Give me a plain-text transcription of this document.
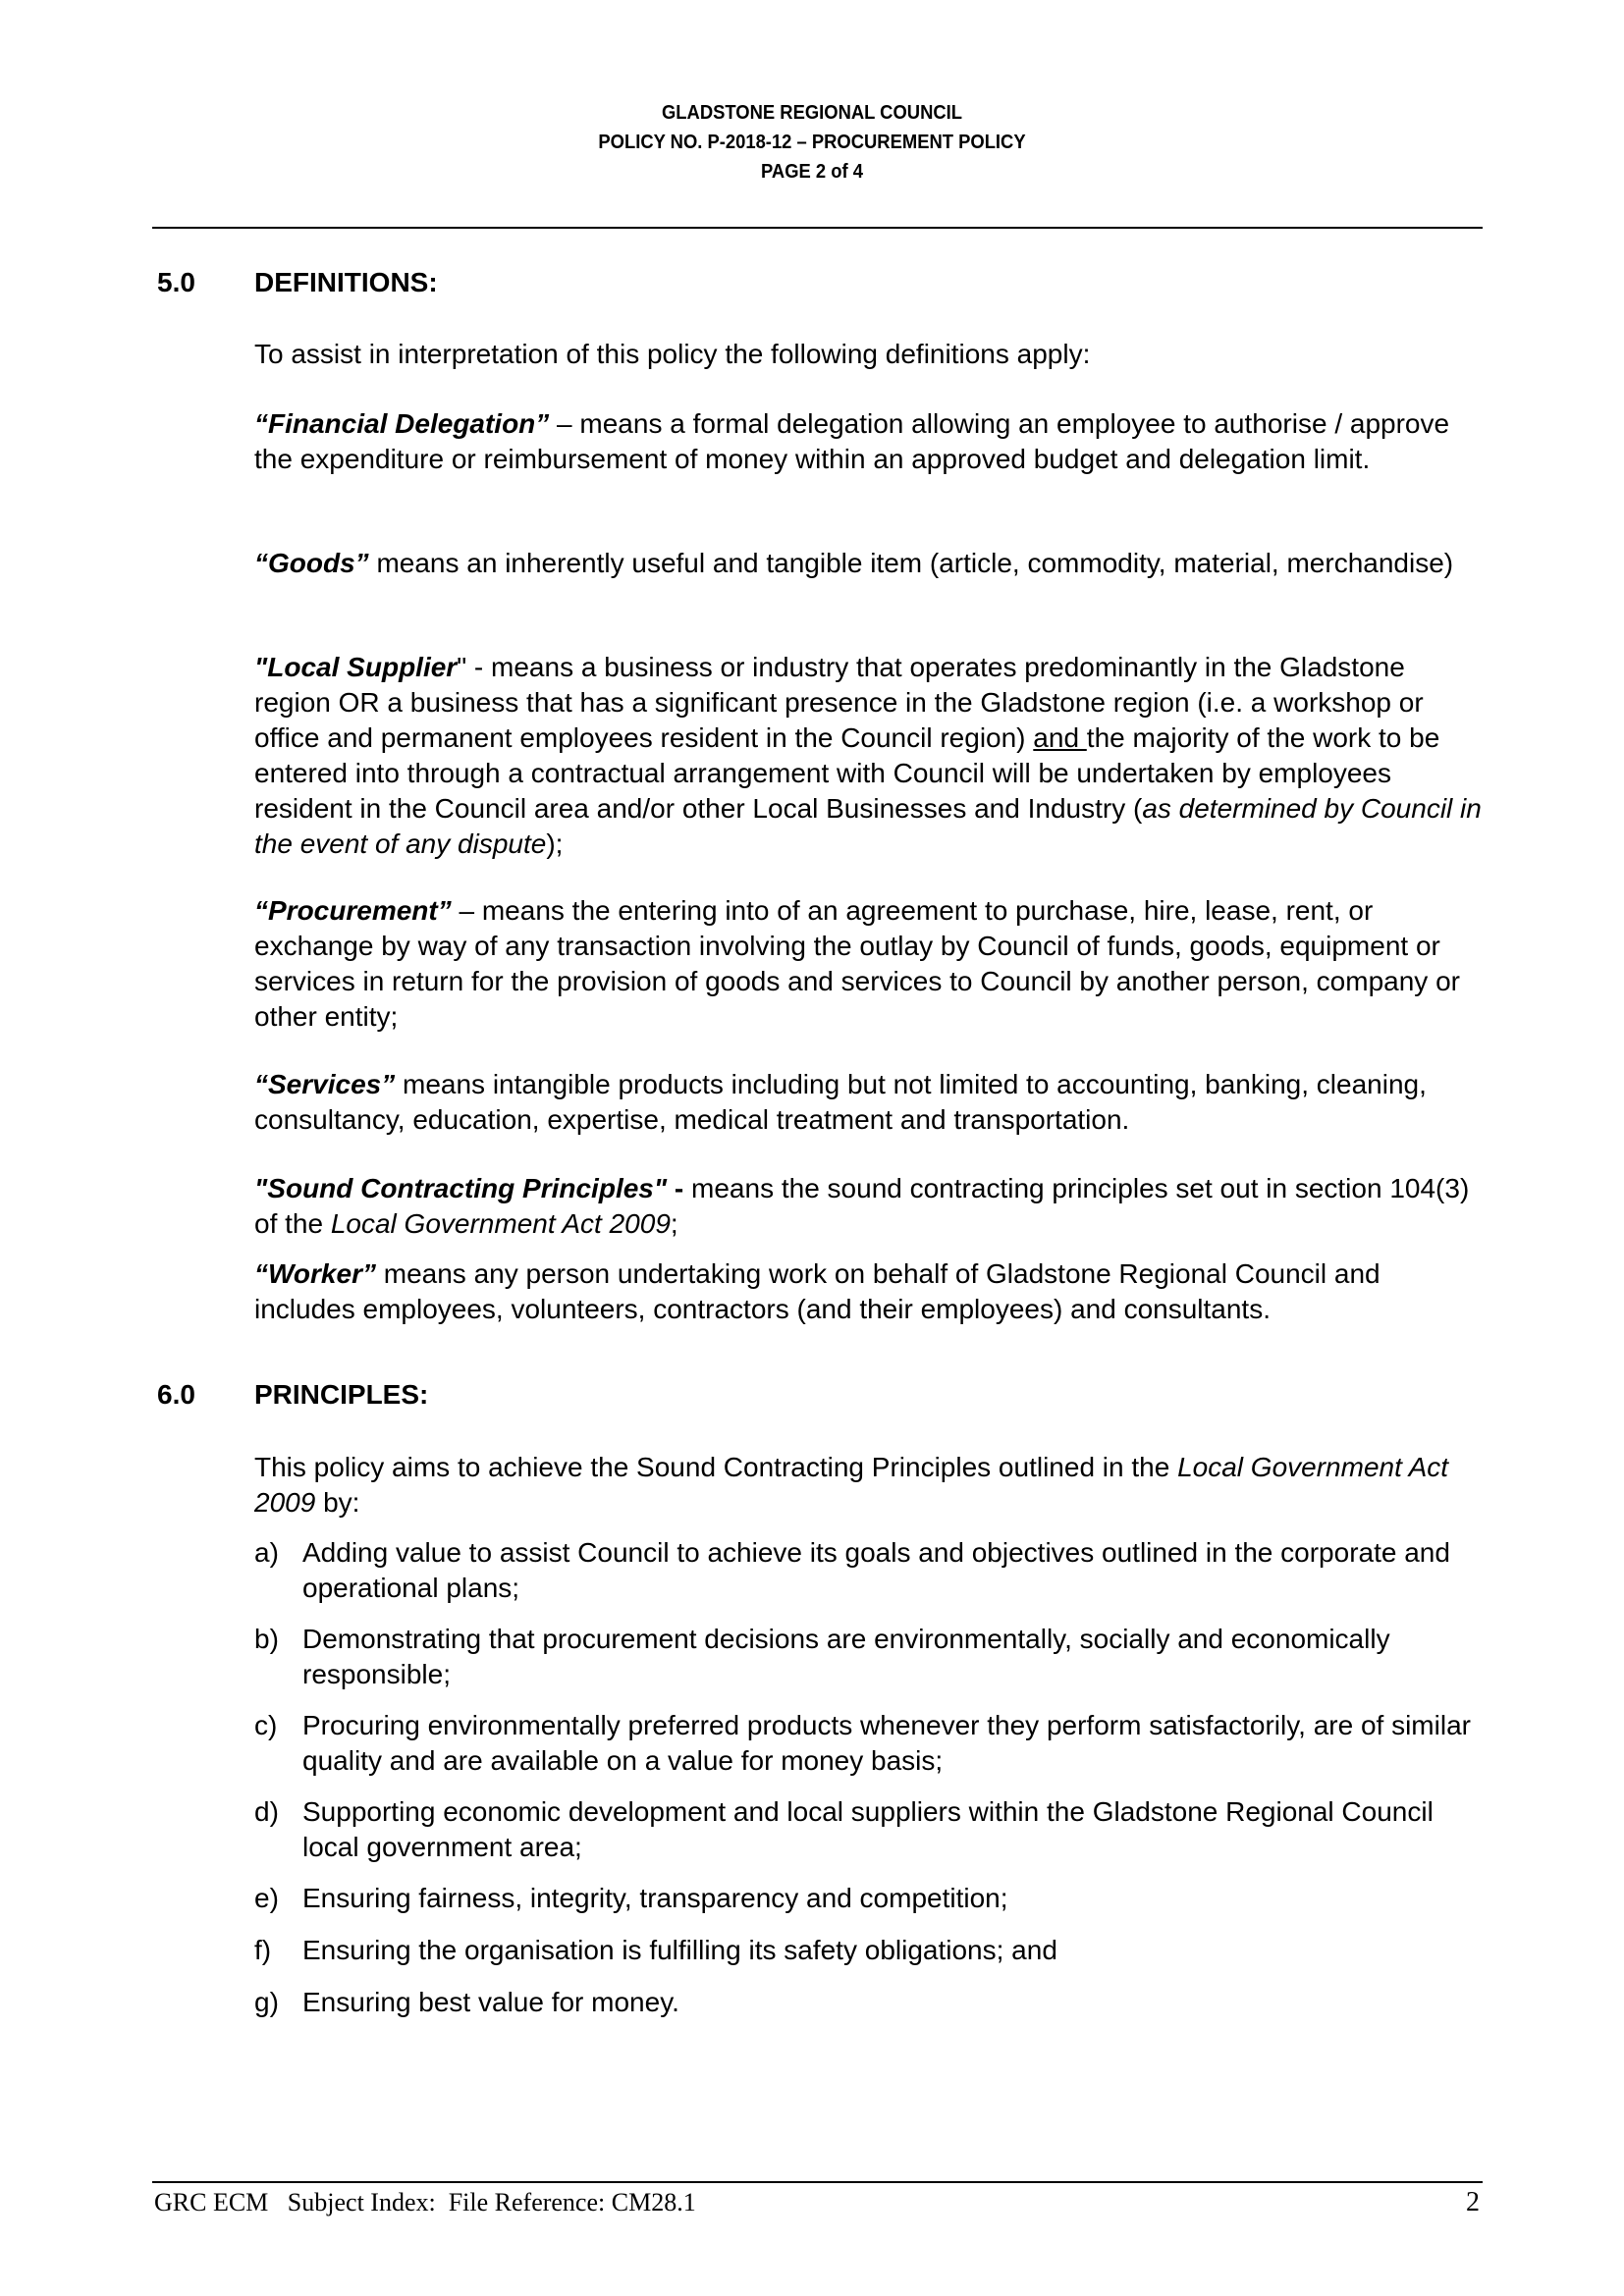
GLADSTONE REGIONAL COUNCIL
POLICY NO. P-2018-12 – PROCUREMENT POLICY
PAGE 2 of 4
5.0 DEFINITIONS:
To assist in interpretation of this policy the following definitions apply:
“Financial Delegation” – means a formal delegation allowing an employee to authorise / approve the expenditure or reimbursement of money within an approved budget and delegation limit.
“Goods” means an inherently useful and tangible item (article, commodity, material, merchandise)
"Local Supplier" - means a business or industry that operates predominantly in the Gladstone region OR a business that has a significant presence in the Gladstone region (i.e. a workshop or office and permanent employees resident in the Council region) and the majority of the work to be entered into through a contractual arrangement with Council will be undertaken by employees resident in the Council area and/or other Local Businesses and Industry (as determined by Council in the event of any dispute);
“Procurement” – means the entering into of an agreement to purchase, hire, lease, rent, or exchange by way of any transaction involving the outlay by Council of funds, goods, equipment or services in return for the provision of goods and services to Council by another person, company or other entity;
“Services” means intangible products including but not limited to accounting, banking, cleaning, consultancy, education, expertise, medical treatment and transportation.
"Sound Contracting Principles" - means the sound contracting principles set out in section 104(3) of the Local Government Act 2009;
“Worker” means any person undertaking work on behalf of Gladstone Regional Council and includes employees, volunteers, contractors (and their employees) and consultants.
6.0 PRINCIPLES:
This policy aims to achieve the Sound Contracting Principles outlined in the Local Government Act 2009 by:
a) Adding value to assist Council to achieve its goals and objectives outlined in the corporate and operational plans;
b) Demonstrating that procurement decisions are environmentally, socially and economically responsible;
c) Procuring environmentally preferred products whenever they perform satisfactorily, are of similar quality and are available on a value for money basis;
d) Supporting economic development and local suppliers within the Gladstone Regional Council local government area;
e) Ensuring fairness, integrity, transparency and competition;
f)	Ensuring the organisation is fulfilling its safety obligations; and
g) Ensuring best value for money.
GRC ECM   Subject Index:  File Reference: CM28.1	2
